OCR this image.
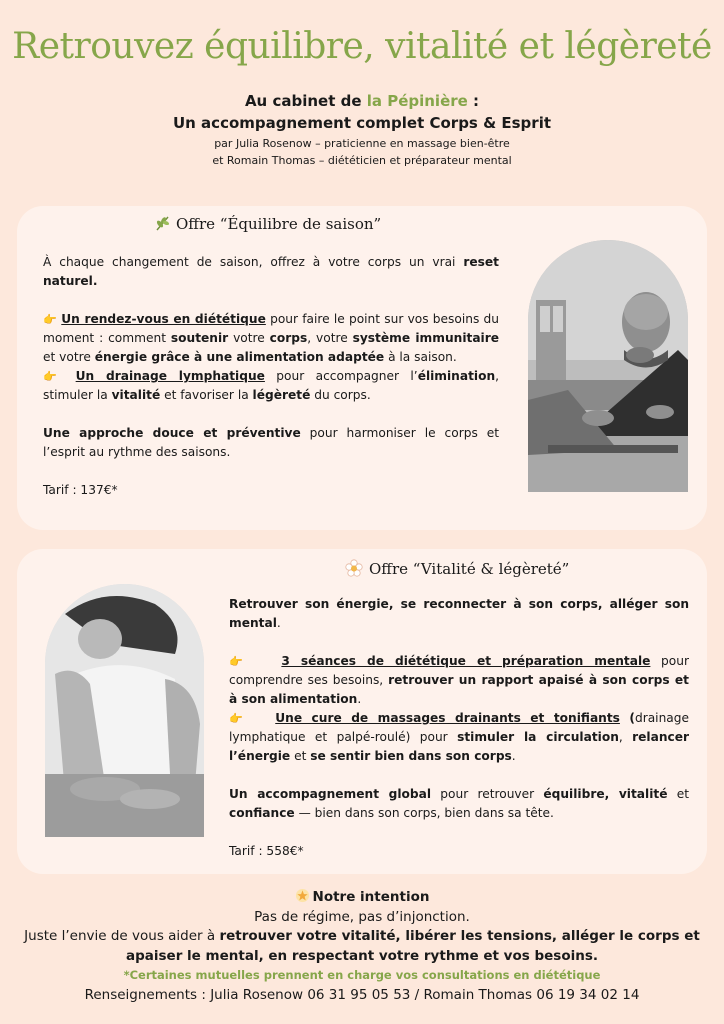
Retrouvez équilibre, vitalité et légèreté
Au cabinet de la Pépinière :
Un accompagnement complet Corps & Esprit
par Julia Rosenow – praticienne en massage bien-être
et Romain Thomas – diététicien et préparateur mental
Offre “Équilibre de saison”

À chaque changement de saison, offrez à votre corps un vrai reset naturel.

👉 Un rendez-vous en diététique pour faire le point sur vos besoins du moment : comment soutenir votre corps, votre système immunitaire et votre énergie grâce à une alimentation adaptée à la saison.

👉 Un drainage lymphatique pour accompagner l’élimination, stimuler la vitalité et favoriser la légèreté du corps.

Une approche douce et préventive pour harmoniser le corps et l’esprit au rythme des saisons.

Tarif : 137€*

Offre “Vitalité & légèreté”

Retrouver son énergie, se reconnecter à son corps, alléger son mental.

👉	3 séances de diététique et préparation mentale pour comprendre ses besoins, retrouver un rapport apaisé à son corps et à son alimentation.

👉 Une cure de massages drainants et tonifiants (drainage lymphatique et palpé-roulé) pour stimuler la circulation, relancer l’énergie et se sentir bien dans son corps.

Un accompagnement global pour retrouver équilibre, vitalité et confiance — bien dans son corps, bien dans sa tête.

Tarif : 558€*

Notre intention
Pas de régime, pas d’injonction.
Juste l’envie de vous aider à retrouver votre vitalité, libérer les tensions, alléger le corps et apaiser le mental, en respectant votre rythme et vos besoins.
*Certaines mutuelles prennent en charge vos consultations en diététique
Renseignements : Julia Rosenow 06 31 95 05 53 / Romain Thomas 06 19 34 02 14
